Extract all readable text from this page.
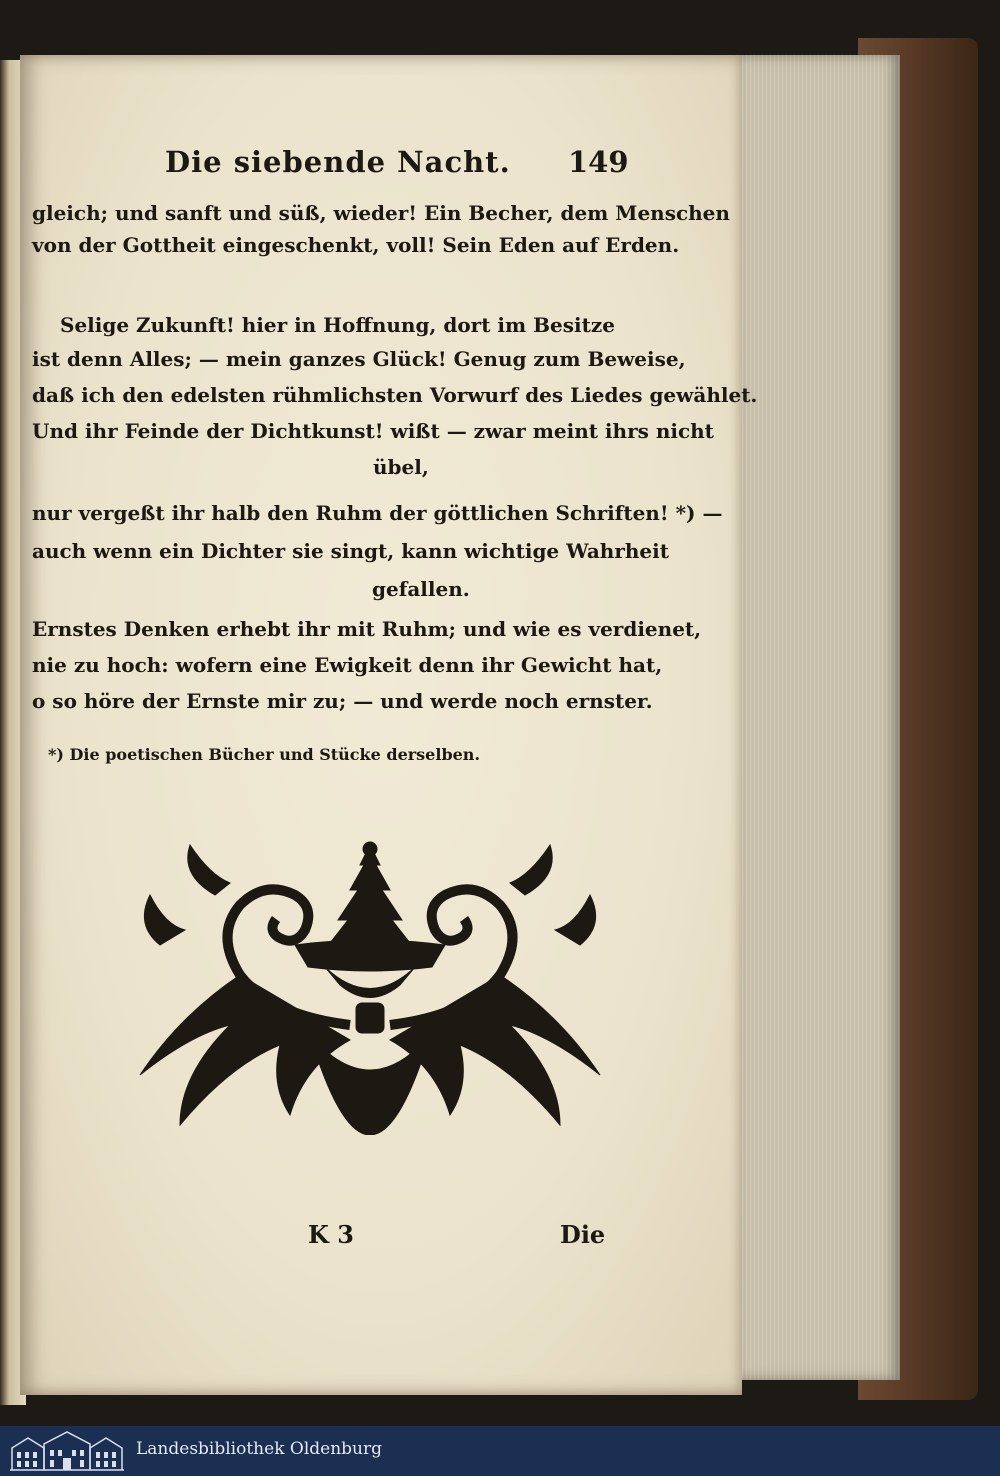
Die siebende Nacht. 149
gleich; und sanft und süß, wieder! Ein Becher, dem Menschen
von der Gottheit eingeschenkt, voll! Sein Eden auf Erden.
Selige Zukunft! hier in Hoffnung, dort im Besitze
ist denn Alles; — mein ganzes Glück! Genug zum Beweise,
daß ich den edelsten rühmlichsten Vorwurf des Liedes gewählet.
Und ihr Feinde der Dichtkunst! wißt — zwar meint ihrs nicht
übel,
nur vergeßt ihr halb den Ruhm der göttlichen Schriften! *) —
auch wenn ein Dichter sie singt, kann wichtige Wahrheit
gefallen.
Ernstes Denken erhebt ihr mit Ruhm; und wie es verdienet,
nie zu hoch: wofern eine Ewigkeit denn ihr Gewicht hat,
o so höre der Ernste mir zu; — und werde noch ernster.
*) Die poetischen Bücher und Stücke derselben.
K 3	Die
Landesbibliothek Oldenburg
